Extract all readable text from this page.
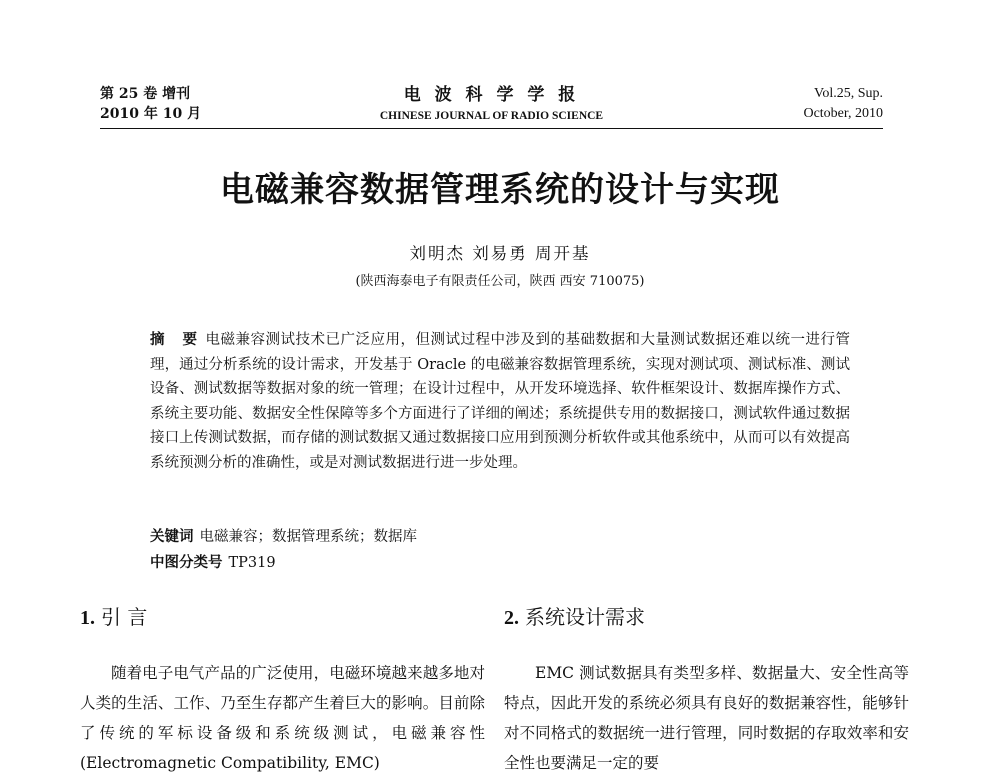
第 25 卷 增刊
2010 年 10 月
电 波 科 学 学 报
CHINESE JOURNAL OF RADIO SCIENCE
Vol.25, Sup.
October, 2010
电磁兼容数据管理系统的设计与实现
刘明杰 刘易勇 周开基
(陕西海泰电子有限责任公司，陕西 西安 710075)
摘 要 电磁兼容测试技术已广泛应用，但测试过程中涉及到的基础数据和大量测试数据还难以统一进行管理，通过分析系统的设计需求，开发基于 Oracle 的电磁兼容数据管理系统，实现对测试项、测试标准、测试设备、测试数据等数据对象的统一管理；在设计过程中，从开发环境选择、软件框架设计、数据库操作方式、系统主要功能、数据安全性保障等多个方面进行了详细的阐述；系统提供专用的数据接口，测试软件通过数据接口上传测试数据，而存储的测试数据又通过数据接口应用到预测分析软件或其他系统中，从而可以有效提高系统预测分析的准确性，或是对测试数据进行进一步处理。
关键词 电磁兼容；数据管理系统；数据库
中图分类号 TP319
1. 引 言	2. 系统设计需求

随着电子电气产品的广泛使用，电磁环境越来越多地对人类的生活、工作、乃至生存都产生着巨大的影响。目前除了传统的军标设备级和系统级测试，电磁兼容性(Electromagnetic Compatibility, EMC)

EMC 测试数据具有类型多样、数据量大、安全性高等特点，因此开发的系统必须具有良好的数据兼容性，能够针对不同格式的数据统一进行管理，同时数据的存取效率和安全性也要满足一定的要
